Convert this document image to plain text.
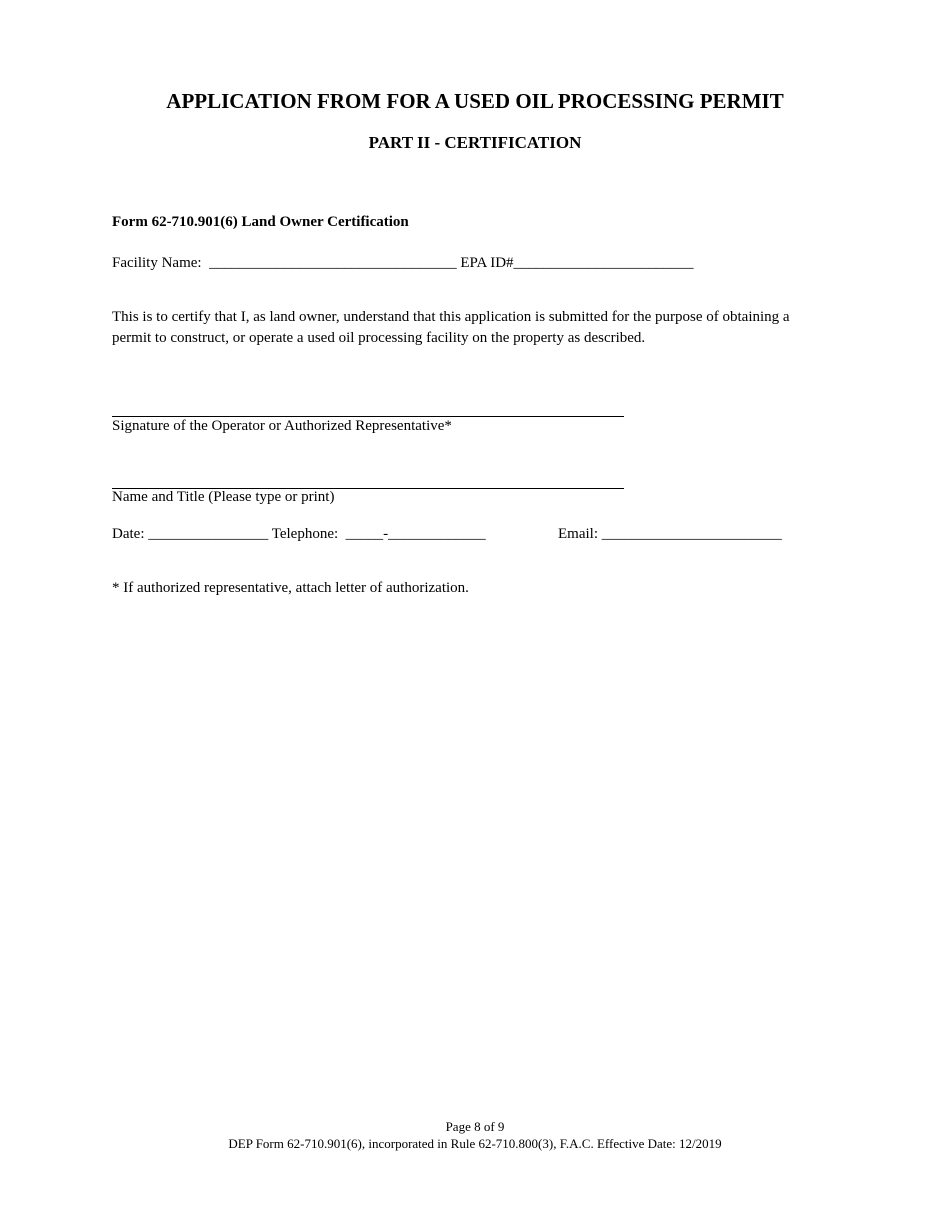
APPLICATION FROM FOR A USED OIL PROCESSING PERMIT
PART II - CERTIFICATION
Form 62-710.901(6) Land Owner Certification
Facility Name: _________________________________ EPA ID#________________________
This is to certify that I, as land owner, understand that this application is submitted for the purpose of obtaining a permit to construct, or operate a used oil processing facility on the property as described.
Signature of the Operator or Authorized Representative*
Name and Title (Please type or print)
Date: ________________ Telephone: _____-_____________	Email: ________________________
* If authorized representative, attach letter of authorization.
Page 8 of 9
DEP Form 62-710.901(6), incorporated in Rule 62-710.800(3), F.A.C. Effective Date: 12/2019
